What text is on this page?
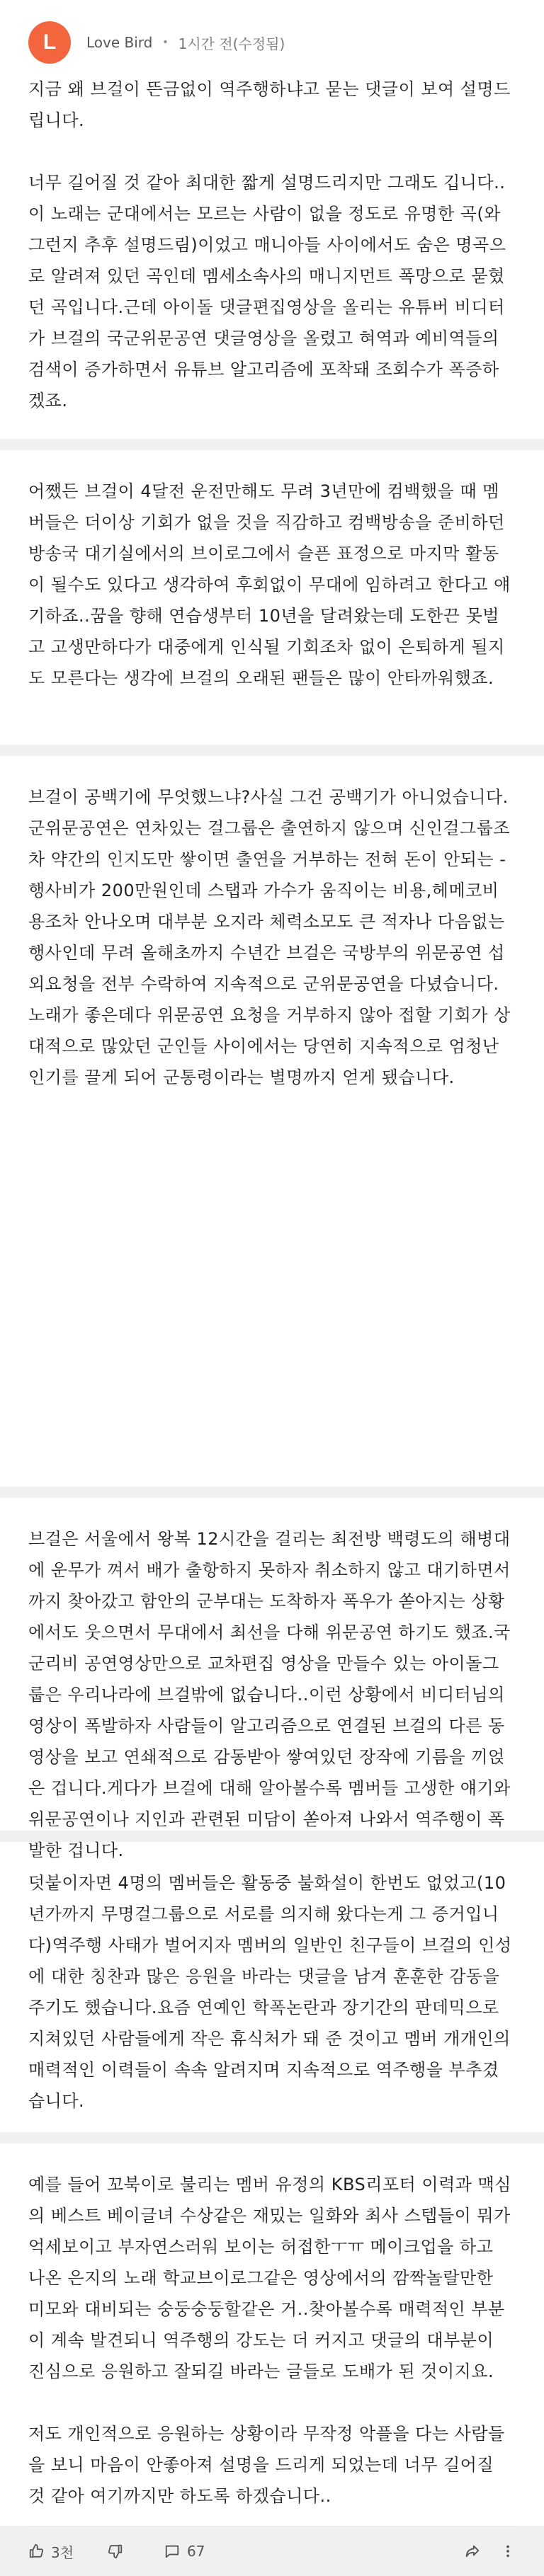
L	Love Bird • 1시간 전(수정됨)

지금 왜 브걸이 뜬금없이 역주행하냐고 묻는 댓글이 보여 설명드립니다.

너무 길어질 것 같아 최대한 짧게 설명드리지만 그래도 깁니다..이 노래는 군대에서는 모르는 사람이 없을 정도로 유명한 곡(와 그런지 추후 설명드림)이었고 매니아들 사이에서도 숨은 명곡으로 알려져 있던 곡인데 멤세소속사의 매니지먼트 폭망으로 묻혔던 곡입니다.근데 아이돌 댓글편집영상을 올리는 유튜버 비디터가 브걸의 국군위문공연 댓글영상을 올렸고 혀역과 예비역들의 검색이 증가하면서 유튜브 알고리즘에 포착돼 조회수가 폭증하겠죠.

어쨌든 브걸이 4달전 운전만해도 무려 3년만에 컴백했을 때 멤버들은 더이상 기회가 없을 것을 직감하고 컴백방송을 준비하던 방송국 대기실에서의 브이로그에서 슬픈 표정으로 마지막 활동이 될수도 있다고 생각하여 후회없이 무대에 임하려고 한다고 얘기하죠..꿈을 향해 연습생부터 10년을 달려왔는데 도한끈 못벌고 고생만하다가 대중에게 인식될 기회조차 없이 은퇴하게 될지도 모른다는 생각에 브걸의 오래된 팬들은 많이 안타까워했죠.

브걸이 공백기에 무엇했느냐?사실 그건 공백기가 아니었습니다.군위문공연은 연차있는 걸그룹은 출연하지 않으며 신인걸그룹조차 약간의 인지도만 쌓이면 출연을 거부하는 전혀 돈이 안되는 - 행사비가 200만원인데 스탭과 가수가 움직이는 비용,헤메코비용조차 안나오며 대부분 오지라 체력소모도 큰 적자나 다음없는 행사인데 무려 올해초까지 수년간 브걸은 국방부의 위문공연 섭외요청을 전부 수락하여 지속적으로 군위문공연을 다녔습니다.노래가 좋은데다 위문공연 요청을 거부하지 않아 접할 기회가 상대적으로 많았던 군인들 사이에서는 당연히 지속적으로 엄청난 인기를 끌게 되어 군통령이라는 별명까지 얻게 됐습니다.

브걸은 서울에서 왕복 12시간을 걸리는 최전방 백령도의 해병대에 운무가 껴서 배가 출항하지 못하자 취소하지 않고 대기하면서까지 찾아갔고 함안의 군부대는 도착하자 폭우가 쏟아지는 상황에서도 웃으면서 무대에서 최선을 다해 위문공연 하기도 했죠.국군리비 공연영상만으로 교차편집 영상을 만들수 있는 아이돌그룹은 우리나라에 브걸밖에 없습니다..이런 상황에서 비디터님의 영상이 폭발하자 사람들이 알고리즘으로 연결된 브걸의 다른 동영상을 보고 연쇄적으로 감동받아 쌓여있던 장작에 기름을 끼얹은 겁니다.게다가 브걸에 대해 알아볼수록 멤버들 고생한 얘기와 위문공연이나 지인과 관련된 미담이 쏟아져 나와서 역주행이 폭발한 겁니다.

덧붙이자면 4명의 멤버들은 활동중 불화설이 한번도 없었고(10년가까지 무명걸그룹으로 서로를 의지해 왔다는게 그 증거입니다)역주행 사태가 벌어지자 멤버의 일반인 친구들이 브걸의 인성에 대한 칭찬과 많은 응원을 바라는 댓글을 남겨 훈훈한 감동을 주기도 했습니다.요즘 연예인 학폭논란과 장기간의 판데믹으로 지쳐있던 사람들에게 작은 휴식처가 돼 준 것이고 멤버 개개인의 매력적인 이력들이 속속 알려지며 지속적으로 역주행을 부추겼습니다.

예를 들어 꼬북이로 불리는 멤버 유정의 KBS리포터 이력과 맥심의 베스트 베이글녀 수상같은 재밌는 일화와 최사 스텝들이 뭐가 억세보이고 부자연스러워 보이는 허접한ㅜㅠ 메이크업을 하고 나온 은지의 노래 학교브이로그같은 영상에서의 깜짝놀랄만한 미모와 대비되는 숭둥숭둥할같은 거..찾아볼수록 매력적인 부분이 계속 발견되니 역주행의 강도는 더 커지고 댓글의 대부분이 진심으로 응원하고 잘되길 바라는 글들로 도배가 된 것이지요.

저도 개인적으로 응원하는 상황이라 무작정 악플을 다는 사람들을 보니 마음이 안좋아져 설명을 드리게 되었는데 너무 길어질 것 같아 여기까지만 하도록 하겠습니다..

3천	67
